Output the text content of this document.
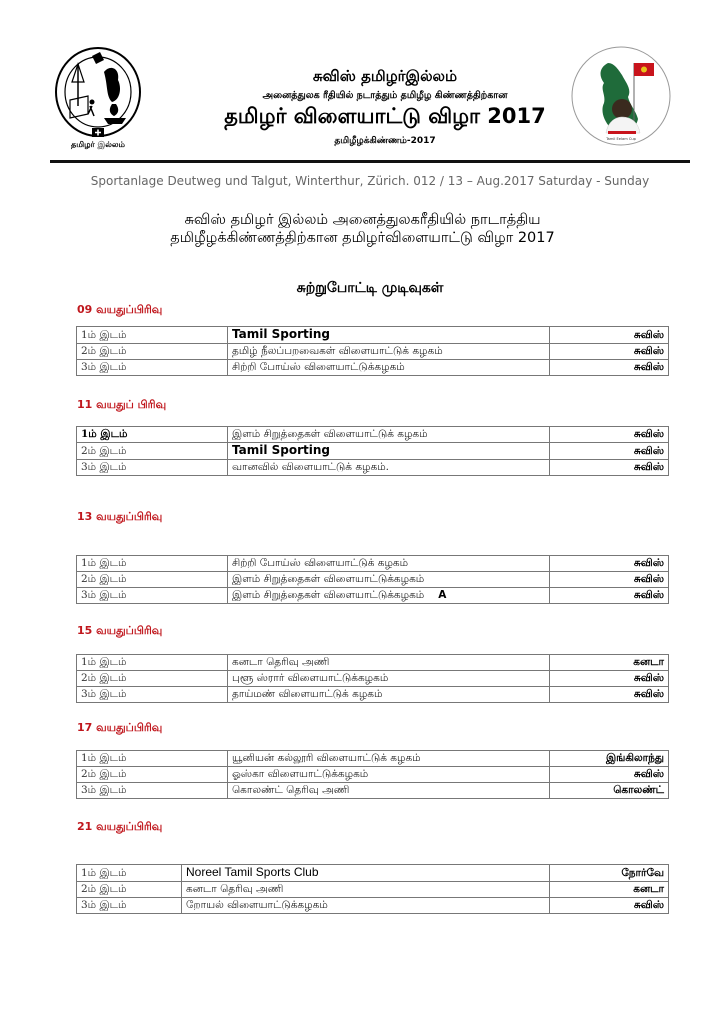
தமிழர் இல்லம்
Tamil Eelam Cup
சுவிஸ் தமிழர்இல்லம்
அனைத்துலக ரீதியில் நடாத்தும் தமிழீழ கிண்ணத்திற்கான
தமிழர் விளையாட்டு விழா 2017
தமிழீழக்கிண்ணம்-2017
Sportanlage Deutweg und Talgut, Winterthur, Zürich. 012 / 13 – Aug.2017 Saturday - Sunday
சுவிஸ் தமிழர் இல்லம் அனைத்துலகரீதியில் நாடாத்திய
தமிழீழக்கிண்ணத்திற்கான தமிழர்விளையாட்டு விழா 2017
சுற்றுபோட்டி முடிவுகள்
09 வயதுப்பிரிவு
1ம் இடம்	Tamil Sporting	சுவிஸ்
2ம் இடம்	தமிழ் நீலப்பறவைகள் விளையாட்டுக் கழகம்	சுவிஸ்
3ம் இடம்	சிற்றி போய்ஸ் விளையாட்டுக்கழகம்	சுவிஸ்
11 வயதுப் பிரிவு
1ம் இடம்	இளம் சிறுத்தைகள் விளையாட்டுக் கழகம்	சுவிஸ்
2ம் இடம்	Tamil Sporting	சுவிஸ்
3ம் இடம்	வானவில் விளையாட்டுக் கழகம்.	சுவிஸ்
13 வயதுப்பிரிவு
1ம் இடம்	சிற்றி போய்ஸ் விளையாட்டுக் கழகம்	சுவிஸ்
2ம் இடம்	இளம் சிறுத்தைகள் விளையாட்டுக்கழகம்	சுவிஸ்
3ம் இடம்	இளம் சிறுத்தைகள் விளையாட்டுக்கழகம் A	சுவிஸ்
15 வயதுப்பிரிவு
1ம் இடம்	கனடா தெரிவு அணி	கனடா
2ம் இடம்	புளூ ஸ்ரார் விளையாட்டுக்கழகம்	சுவிஸ்
3ம் இடம்	தாய்மண் விளையாட்டுக் கழகம்	சுவிஸ்
17 வயதுப்பிரிவு
1ம் இடம்	யூனியன் கல்லூரி விளையாட்டுக் கழகம்	இங்கிலாந்து
2ம் இடம்	ஓஸ்கா விளையாட்டுக்கழகம்	சுவிஸ்
3ம் இடம்	கொலண்ட் தெரிவு அணி	கொலண்ட்
21 வயதுப்பிரிவு
1ம் இடம்	Noreel Tamil Sports Club	நோர்வே
2ம் இடம்	கனடா தெரிவு அணி	கனடா
3ம் இடம்	றோயல் விளையாட்டுக்கழகம்	சுவிஸ்
